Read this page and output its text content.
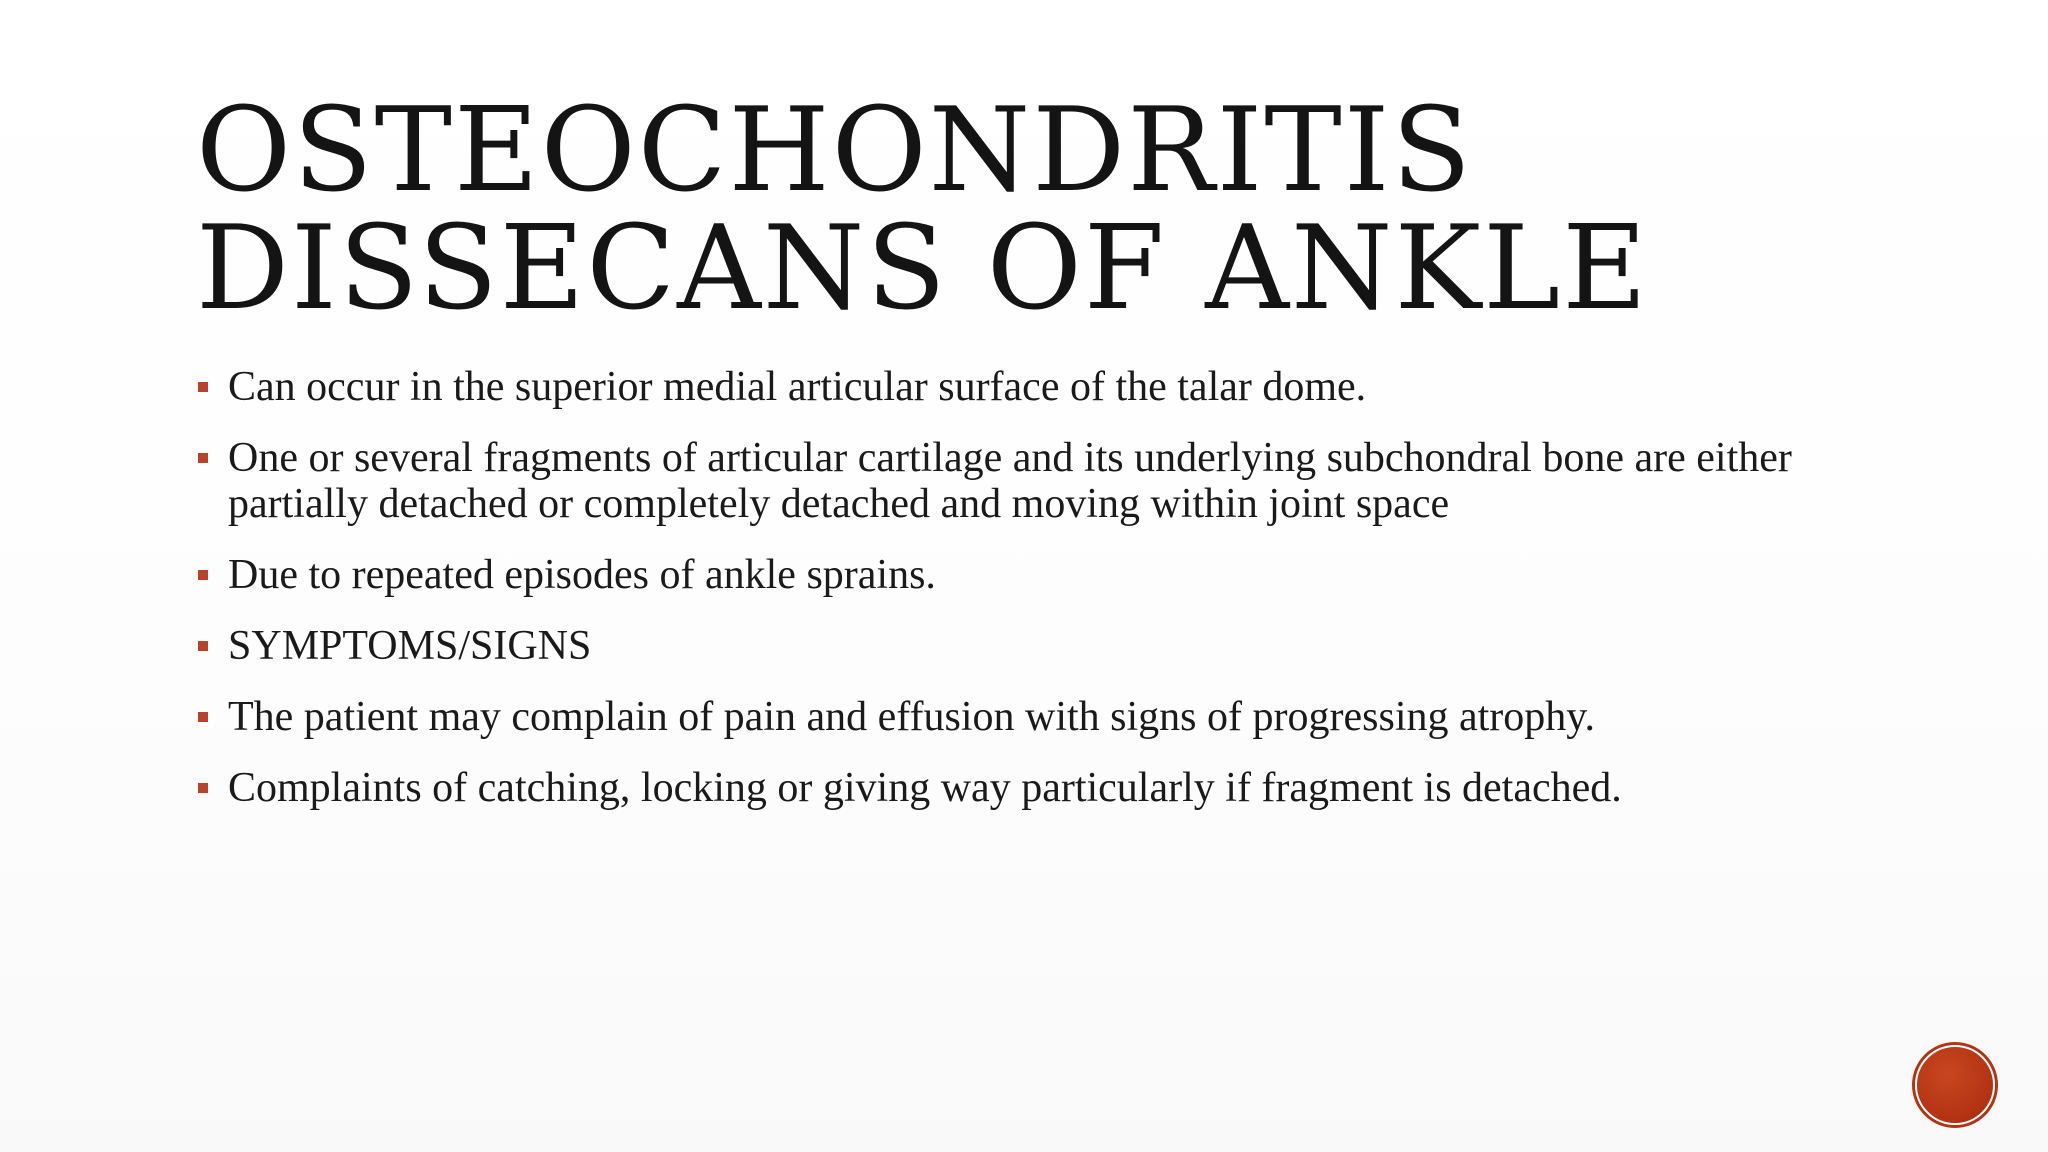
OSTEOCHONDRITIS
DISSECANS OF ANKLE
Can occur in the superior medial articular surface of the talar dome.
One or several fragments of articular cartilage and its underlying subchondral bone are either partially detached or completely detached and moving within joint space
Due to repeated episodes of ankle sprains.
SYMPTOMS/SIGNS
The patient may complain of pain and effusion with signs of progressing atrophy.
Complaints of catching, locking or giving way particularly if fragment is detached.
